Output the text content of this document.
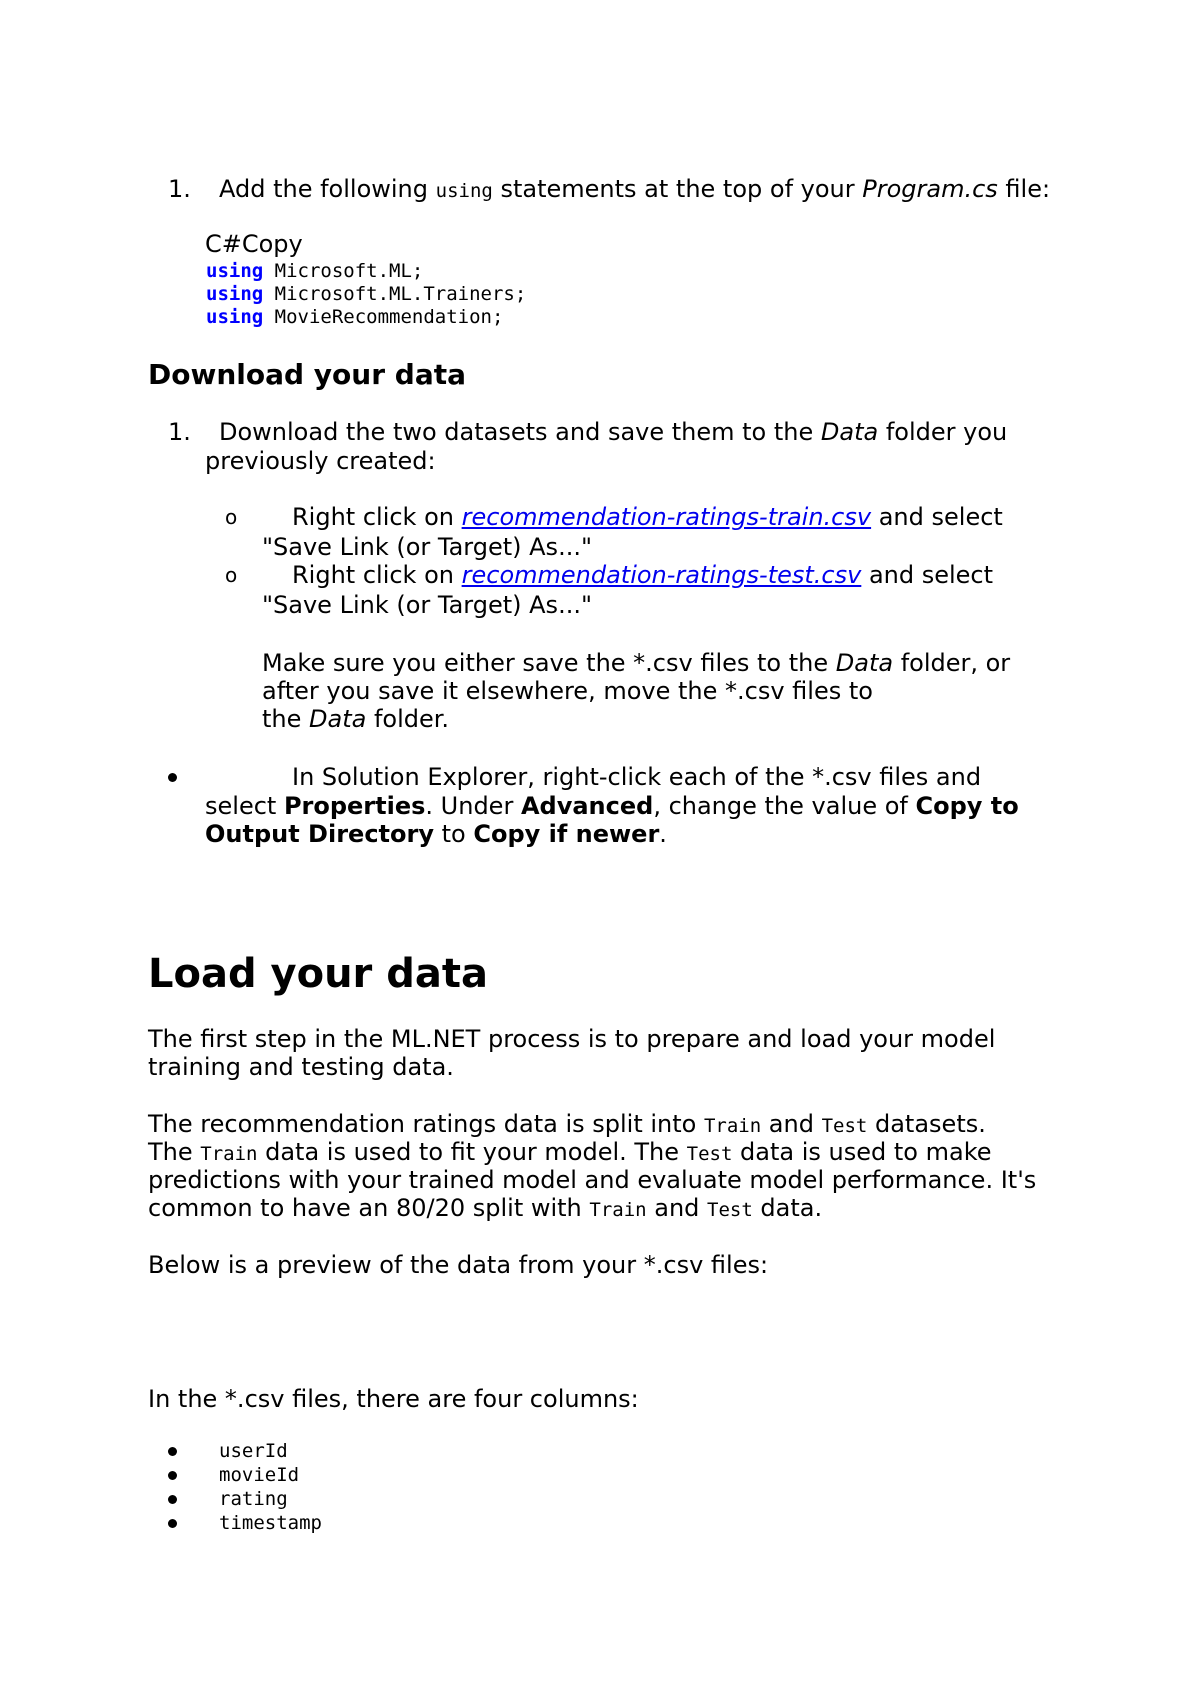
1. Add the following using statements at the top of your Program.cs file:
C#Copy
using Microsoft.ML;
using Microsoft.ML.Trainers;
using MovieRecommendation;
Download your data
1. Download the two datasets and save them to the Data folder you
previously created:
o Right click on recommendation-ratings-train.csv and select
"Save Link (or Target) As..."
o Right click on recommendation-ratings-test.csv and select
"Save Link (or Target) As..."
Make sure you either save the *.csv files to the Data folder, or
after you save it elsewhere, move the *.csv files to
the Data folder.
In Solution Explorer, right-click each of the *.csv files and
select Properties. Under Advanced, change the value of Copy to
Output Directory to Copy if newer.
Load your data
The first step in the ML.NET process is to prepare and load your model
training and testing data.
The recommendation ratings data is split into Train and Test datasets.
The Train data is used to fit your model. The Test data is used to make
predictions with your trained model and evaluate model performance. It's
common to have an 80/20 split with Train and Test data.
Below is a preview of the data from your *.csv files:
In the *.csv files, there are four columns:
userId
movieId
rating
timestamp
